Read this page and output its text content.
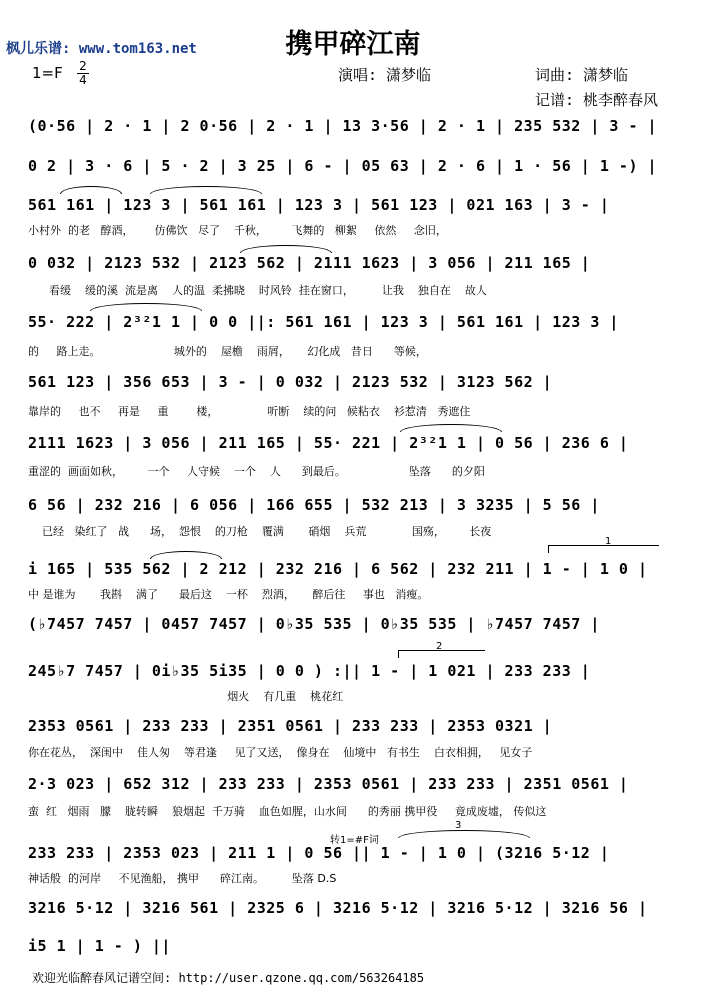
枫儿乐谱: www.tom163.net	携甲碎江南
1=F 2
4	演唱: 潇梦临	词曲: 潇梦临
记谱: 桃李醉春风
(0·56 | 2 · 1 | 2 0·56 | 2 · 1 | 13 3·56 | 2 · 1 | 235 532 | 3 - |
0 2 | 3 · 6 | 5 · 2 | 3 25 | 6 - | 05 63 | 2 · 6 | 1 · 56 | 1 -) |
561 161 | 123 3 | 561 161 | 123 3 | 561 123 | 021 163 | 3 - |
小村外  的老   醇酒，      仿佛饮   尽了    千秋，       飞舞的   柳絮     依然     念旧，
0 032 | 2123 532 | 2123 562 | 2111 1623 | 3 056 | 211 165 |
看缓    缓的溪  流是离    人的温  柔拂晓    时风铃  挂在窗口，        让我    独自在    故人
55· 222 | 2³²1 1 | 0 0 ||: 561 161 | 123 3 | 561 161 | 123 3 |
的     路上走。                     城外的    屋檐    雨屑，     幻化成   昔日      等候，
561 123 | 356 653 | 3 - | 0 032 | 2123 532 | 3123 562 |
靠岸的     也不     再是     重        楼，              听断    续的问   候粘衣    衫惹清   秀遮住
2111 1623 | 3 056 | 211 165 | 55· 221 | 2³²1 1 | 0 56 | 236 6 |
重涩的  画面如秋，       一个     人守候    一个    人      到最后。                  坠落      的夕阳
6 56 | 232 216 | 6 056 | 166 655 | 532 213 | 3 3235 | 5 56 |
已经   染红了   战      场，  怨恨    的刀枪    覆满       硝烟    兵荒             国殇，       长夜
i 165 | 535 562 | 2 212 | 232 216 | 6 562 | 232 211 | 1 - | 1 0 |
中 是谁为       我斟    满了      最后这    一杯    烈酒，     醉后往     事也   消瘦。
(♭7457 7457 | 0457 7457 | 0♭35 535 | 0♭35 535 | ♭7457 7457 |
245♭7 7457 | 0i♭35 5i35 | 0 0 ) :|| 1 - | 1 021 | 233 233 |
烟火    有几重    桃花红
2353 0561 | 233 233 | 2351 0561 | 233 233 | 2353 0321 |
你在花丛，  深闺中    佳人匆    等君逢     见了又送，  像身在    仙境中   有书生    白衣相拥，   见女子
2·3 023 | 652 312 | 233 233 | 2353 0561 | 233 233 | 2351 0561 |
蛮  红   烟雨   朦    胧转瞬    狼烟起  千万骑    血色如腥，山水间      的秀丽 携甲役     竟成废墟， 传似这
233 233 | 2353 023 | 211 1 | 0 56 || 1 - | 1 0 | (3216 5·12 |
神话般  的河岸     不见渔船， 携甲      碎江南。        坠落 D.S
3216 5·12 | 3216 561 | 2325 6 | 3216 5·12 | 3216 5·12 | 3216 56 |
i5 1 | 1 - ) ||
1
2
3
转1=#F词
欢迎光临醉春风记谱空间: http://user.qzone.qq.com/563264185
